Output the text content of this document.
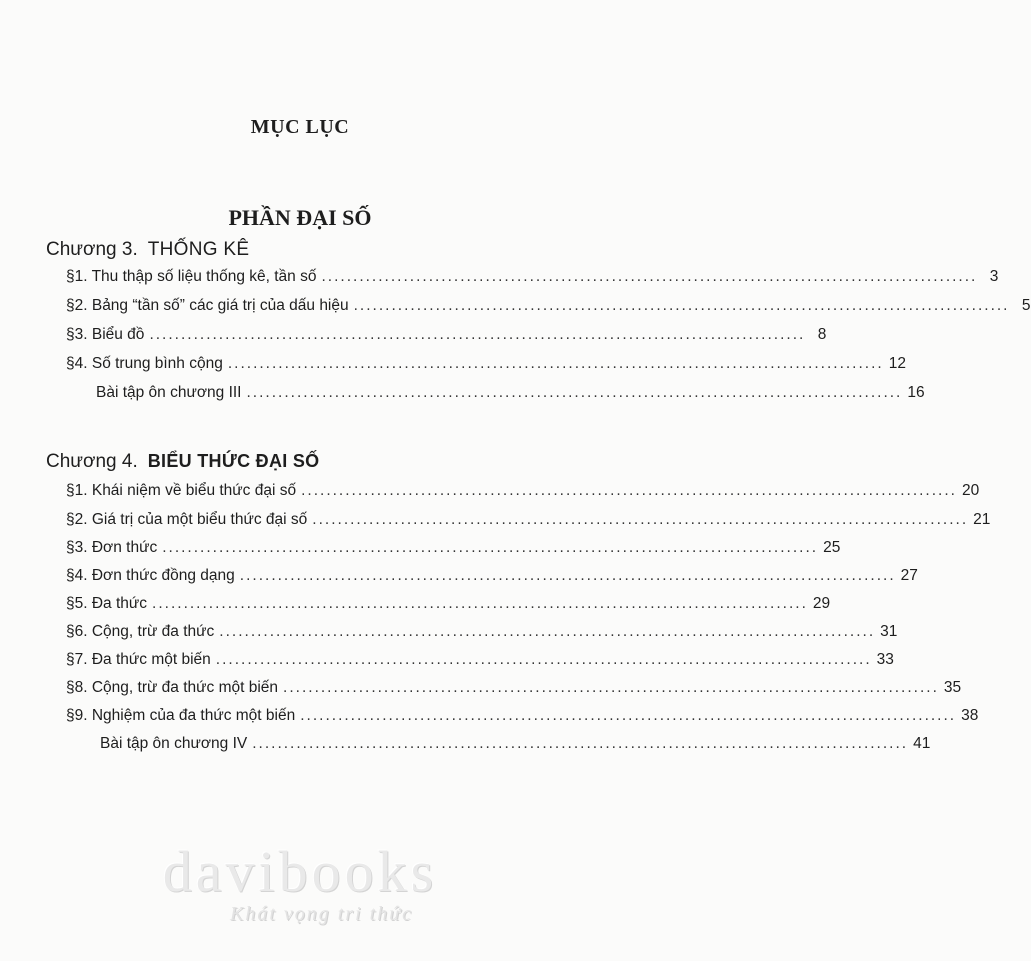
MỤC LỤC
PHẦN ĐẠI SỐ
Chương 3. THỐNG KÊ
§1. Thu thập số liệu thống kê, tần số ........................................................................................................ 3
§2. Bảng “tần số” các giá trị của dấu hiệu ........................................................................................................ 5
§3. Biểu đồ ........................................................................................................ 8
§4. Số trung bình cộng ........................................................................................................ 12
Bài tập ôn chương III ........................................................................................................ 16
Chương 4. BIỂU THỨC ĐẠI SỐ
§1. Khái niệm về biểu thức đại số ........................................................................................................ 20
§2. Giá trị của một biểu thức đại số ........................................................................................................ 21
§3. Đơn thức ........................................................................................................ 25
§4. Đơn thức đồng dạng ........................................................................................................ 27
§5. Đa thức ........................................................................................................ 29
§6. Cộng, trừ đa thức ........................................................................................................ 31
§7. Đa thức một biến ........................................................................................................ 33
§8. Cộng, trừ đa thức một biến ........................................................................................................ 35
§9. Nghiệm của đa thức một biến ........................................................................................................ 38
Bài tập ôn chương IV ........................................................................................................ 41
davibooks
Khát vọng tri thức
